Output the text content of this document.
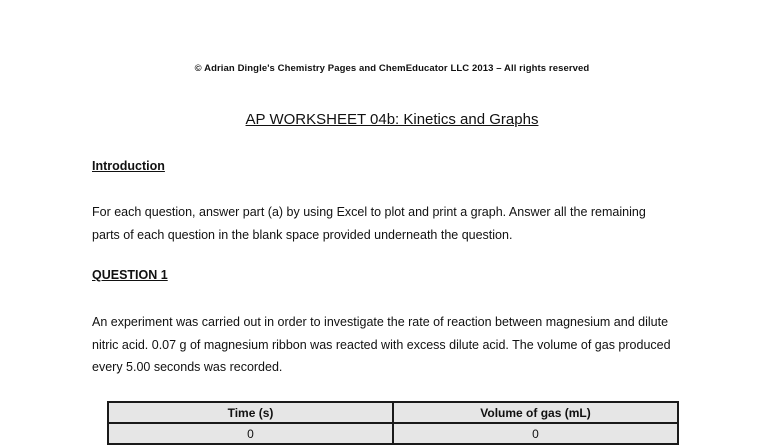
© Adrian Dingle's Chemistry Pages and ChemEducator LLC 2013 – All rights reserved
AP WORKSHEET 04b: Kinetics and Graphs
Introduction
For each question, answer part (a) by using Excel to plot and print a graph. Answer all the remaining
parts of each question in the blank space provided underneath the question.
QUESTION 1
An experiment was carried out in order to investigate the rate of reaction between magnesium and dilute
nitric acid. 0.07 g of magnesium ribbon was reacted with excess dilute acid. The volume of gas produced
every 5.00 seconds was recorded.
Time (s)	Volume of gas (mL)
0	0
